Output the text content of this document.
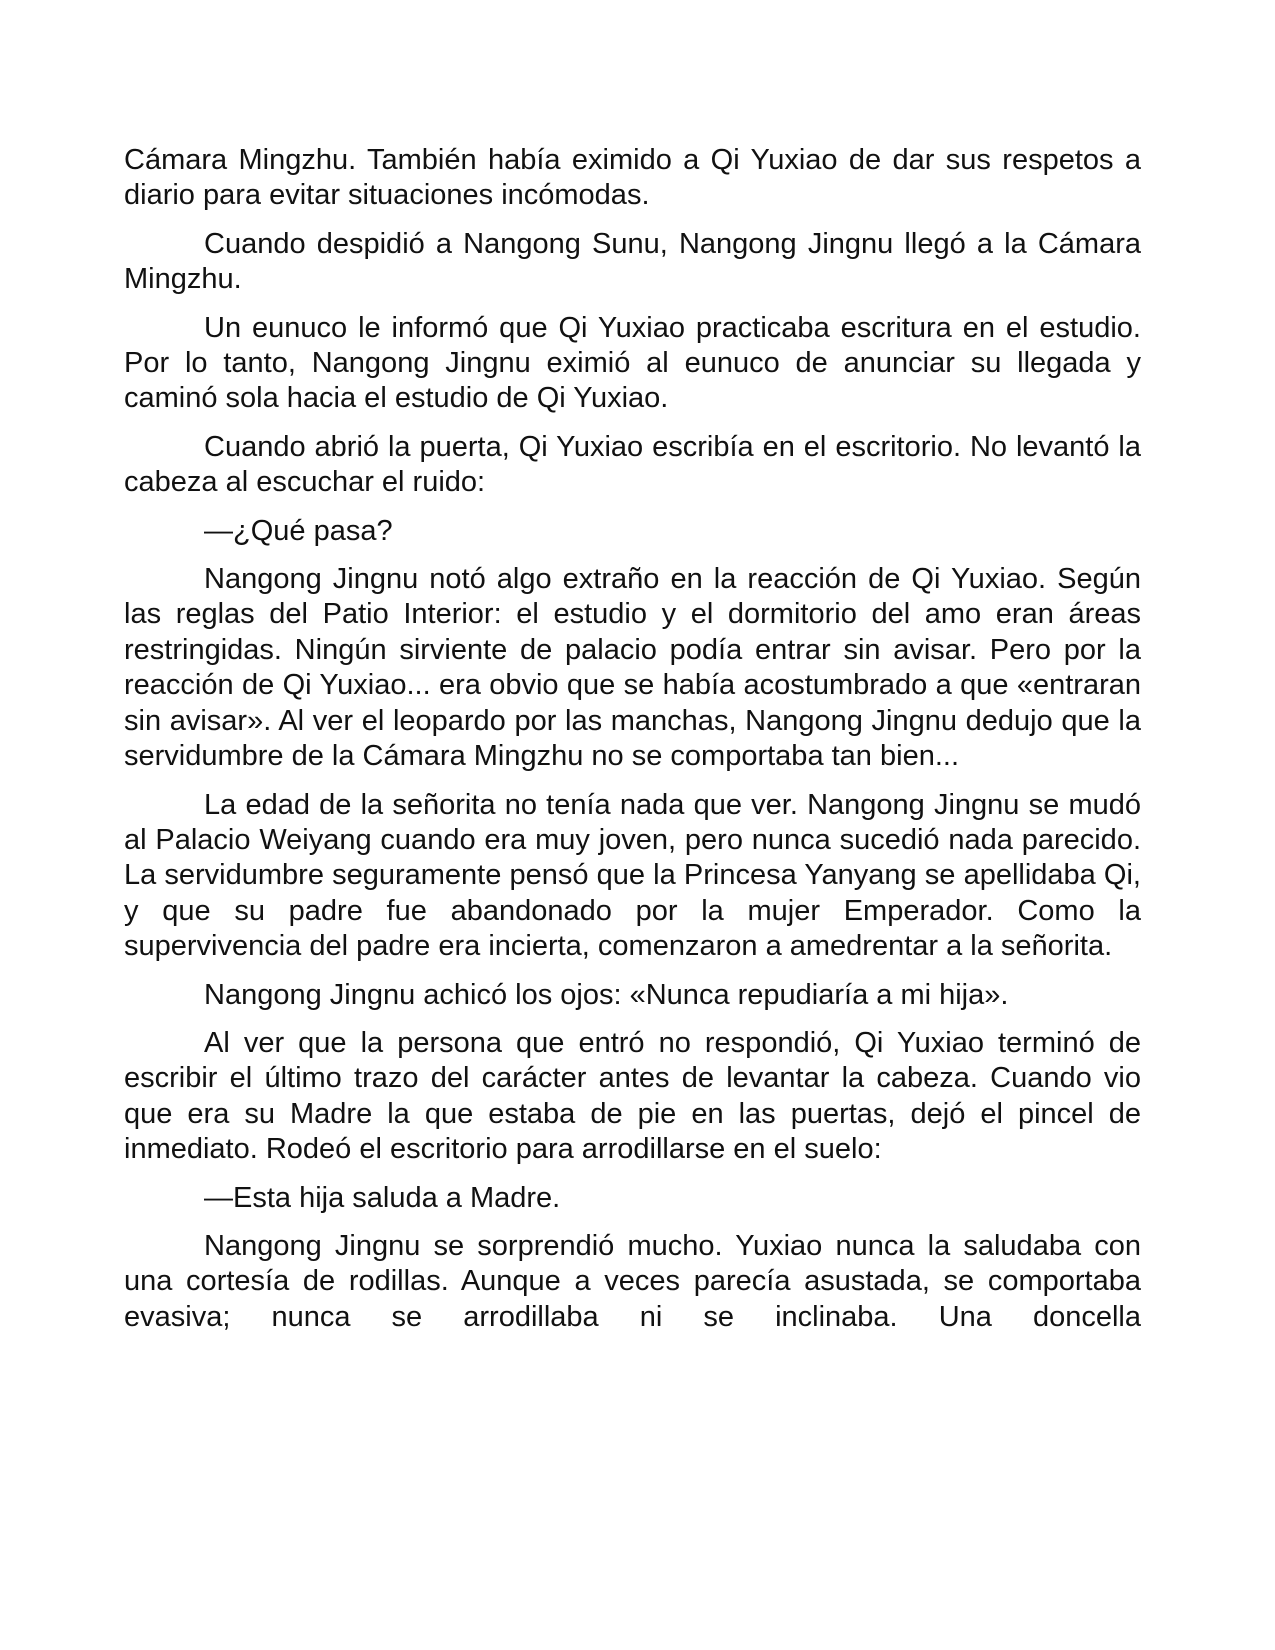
Cámara Mingzhu. También había eximido a Qi Yuxiao de dar sus respetos a diario para evitar situaciones incómodas.

Cuando despidió a Nangong Sunu, Nangong Jingnu llegó a la Cámara Mingzhu.

Un eunuco le informó que Qi Yuxiao practicaba escritura en el estudio. Por lo tanto, Nangong Jingnu eximió al eunuco de anunciar su llegada y caminó sola hacia el estudio de Qi Yuxiao.

Cuando abrió la puerta, Qi Yuxiao escribía en el escritorio. No levantó la cabeza al escuchar el ruido:

—¿Qué pasa?

Nangong Jingnu notó algo extraño en la reacción de Qi Yuxiao. Según las reglas del Patio Interior: el estudio y el dormitorio del amo eran áreas restringidas. Ningún sirviente de palacio podía entrar sin avisar. Pero por la reacción de Qi Yuxiao... era obvio que se había acostumbrado a que «entraran sin avisar». Al ver el leopardo por las manchas, Nangong Jingnu dedujo que la servidumbre de la Cámara Mingzhu no se comportaba tan bien...

La edad de la señorita no tenía nada que ver. Nangong Jingnu se mudó al Palacio Weiyang cuando era muy joven, pero nunca sucedió nada parecido. La servidumbre seguramente pensó que la Princesa Yanyang se apellidaba Qi, y que su padre fue abandonado por la mujer Emperador. Como la supervivencia del padre era incierta, comenzaron a amedrentar a la señorita.

Nangong Jingnu achicó los ojos: «Nunca repudiaría a mi hija».

Al ver que la persona que entró no respondió, Qi Yuxiao terminó de escribir el último trazo del carácter antes de levantar la cabeza. Cuando vio que era su Madre la que estaba de pie en las puertas, dejó el pincel de inmediato. Rodeó el escritorio para arrodillarse en el suelo:

—Esta hija saluda a Madre.

Nangong Jingnu se sorprendió mucho. Yuxiao nunca la saludaba con una cortesía de rodillas. Aunque a veces parecía asustada, se comportaba evasiva; nunca se arrodillaba ni se inclinaba. Una doncella
